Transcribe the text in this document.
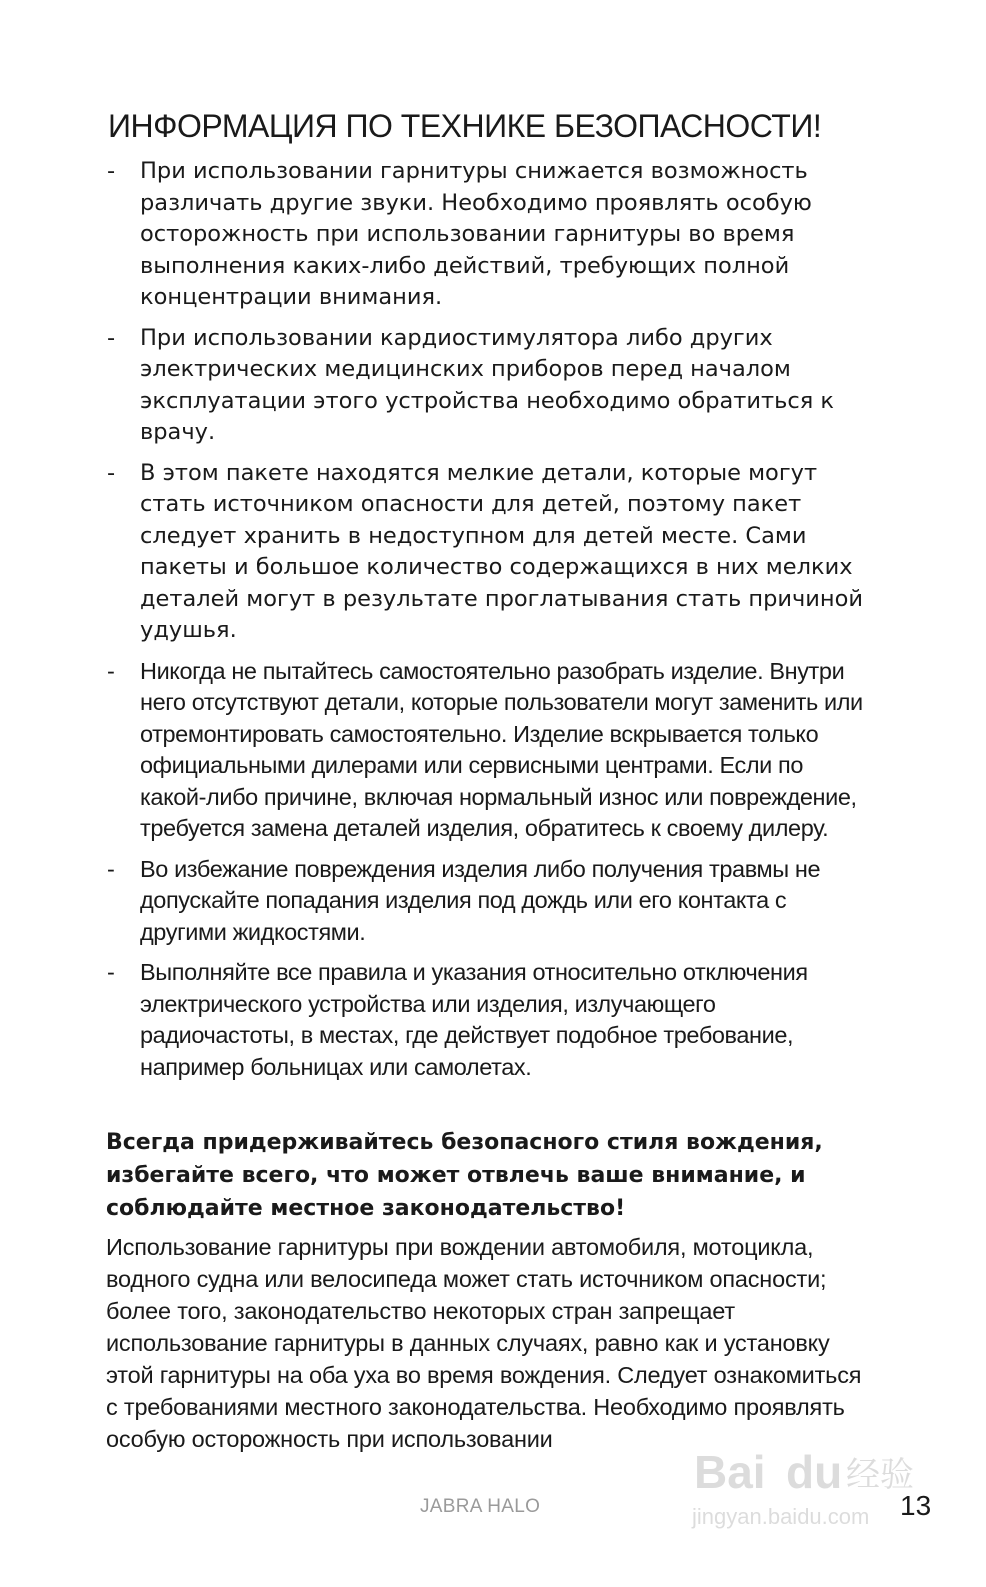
ИНФОРМАЦИЯ ПО ТЕХНИКЕ БЕЗОПАСНОСТИ!
- При использовании гарнитуры снижается возможность различать другие звуки. Необходимо проявлять особую осторожность при использовании гарнитуры во время выполнения каких-либо действий, требующих полной концентрации внимания.
- При использовании кардиостимулятора либо других электрических медицинских приборов перед началом эксплуатации этого устройства необходимо обратиться к врачу.
- В этом пакете находятся мелкие детали, которые могут стать источником опасности для детей, поэтому пакет следует хранить в недоступном для детей месте. Сами пакеты и большое количество содержащихся в них мелких деталей могут в результате проглатывания стать причиной удушья.
- Никогда не пытайтесь самостоятельно разобрать изделие. Внутри него отсутствуют детали, которые пользователи могут заменить или отремонтировать самостоятельно. Изделие вскрывается только официальными дилерами или сервисными центрами. Если по какой-либо причине, включая нормальный износ или повреждение, требуется замена деталей изделия, обратитесь к своему дилеру.
- Во избежание повреждения изделия либо получения травмы не допускайте попадания изделия под дождь или его контакта с другими жидкостями.
- Выполняйте все правила и указания относительно отключения электрического устройства или изделия, излучающего радиочастоты, в местах, где действует подобное требование, например больницах или самолетах.

Всегда придерживайтесь безопасного стиля вождения, избегайте всего, что может отвлечь ваше внимание, и соблюдайте местное законодательство!

Использование гарнитуры при вождении автомобиля, мотоцикла, водного судна или велосипеда может стать источником опасности; более того, законодательство некоторых стран запрещает использование гарнитуры в данных случаях, равно как и установку этой гарнитуры на оба уха во время вождения. Следует ознакомиться с требованиями местного законодательства. Необходимо проявлять особую осторожность при использовании

Bai du 经验
jingyan.baidu.com
JABRA HALO	13
